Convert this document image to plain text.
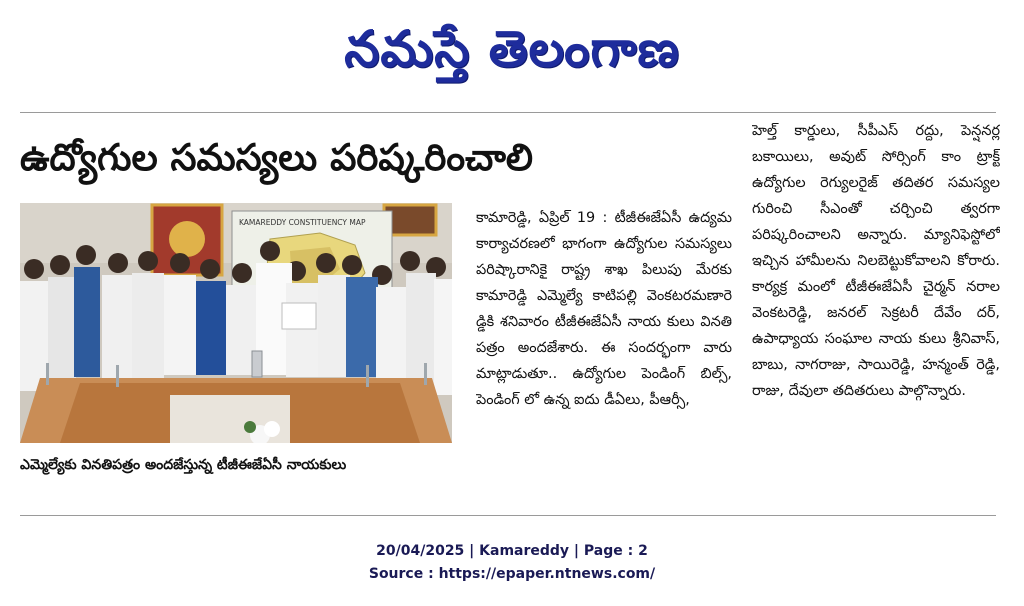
నమస్తే తెలంగాణ
ఉద్యోగుల సమస్యలు పరిష్కరించాలి
KAMAREDDY CONSTITUENCY MAP
ఎమ్మెల్యేకు వినతిపత్రం అందజేస్తున్న టీజీఈజేఏసీ నాయకులు

కామారెడ్డి, ఏప్రిల్ 19 : టీజీఈజేఏసీ ఉద్యమ కార్యాచరణలో భాగంగా ఉద్యోగుల సమస్యలు పరిష్కారానికై రాష్ట్ర శాఖ పిలుపు మేరకు కామారెడ్డి ఎమ్మెల్యే కాటిపల్లి వెంకటరమణారె డ్డికి శనివారం టీజీఈజేఏసీ నాయ కులు వినతి పత్రం అందజేశారు. ఈ సందర్భంగా వారు మాట్లాడుతూ.. ఉద్యోగుల పెండింగ్ బిల్స్, పెండింగ్ లో ఉన్న ఐదు డీఏలు, పీఆర్సీ,

హెల్త్ కార్డులు, సీపీఎస్ రద్దు, పెన్షనర్ల బకాయిలు, అవుట్ సోర్సింగ్ కాం ట్రాక్ట్ ఉద్యోగుల రెగ్యులరైజ్ తదితర సమస్యల గురించి సీఎంతో చర్చించి త్వరగా పరిష్కరించాలని అన్నారు. మ్యానిఫెస్టోలో ఇచ్చిన హామీలను నిలబెట్టుకోవాలని కోరారు. కార్యక్ర మంలో టీజీఈజేఏసీ చైర్మన్ నరాల వెంకటరెడ్డి, జనరల్ సెక్రటరీ దేవేం దర్, ఉపాధ్యాయ సంఘాల నాయ కులు శ్రీనివాస్, బాబు, నాగరాజు, సాయిరెడ్డి, హన్మంత్ రెడ్డి, రాజు, దేవులా తదితరులు పాల్గొన్నారు.

20/04/2025 | Kamareddy | Page : 2
Source : https://epaper.ntnews.com/
